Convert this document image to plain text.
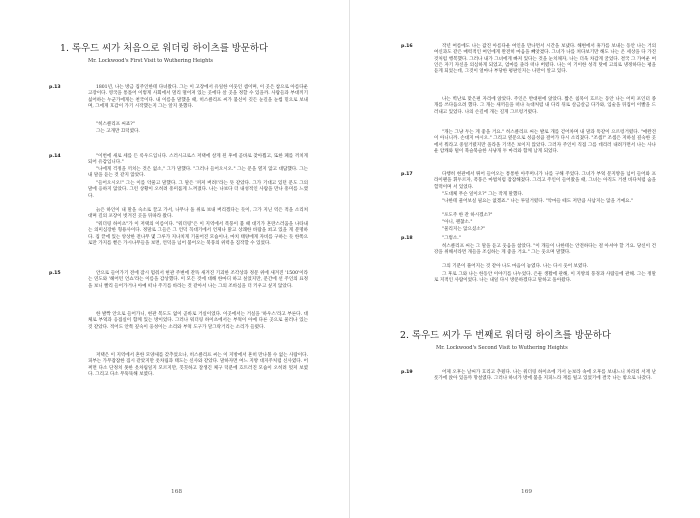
1. 록우드 씨가 처음으로 워더링 하이츠를 방문하다
Mr. Lockwood's First Visit to Wuthering Heights
p.13	1801년, 나는 방금 집주인한테 다녀왔다. 그는 이 고장에서 유일한 이웃인 셈이며, 이 곳은 참으로 아름다운 고장이다. 영국을 통틀어 이렇게 사회에서 멀리 떨어져 있는 곳에다 살 곳을 정할 수 있을까. 사람들과 부대끼기 싫어하는 누군가에게는 천국이다. 내 이름을 말했을 때, 히스클리프 씨가 불신이 깃든 눈길을 눈썹 밑으로 보내며, 그에게 호감이 가기 시작했는지 그는 알지 못했다.
"히스클리프 씨죠?"
그는 고개만 끄덕였다.
p.14	"이번에 새로 세를 든 록우드입니다. 스러시크로스 저택에 살게 된 후에 곧바로 찾아뵙고, 또한 폐를 끼치게 되어 유감입니다."
"나에게 걱정을 끼치는 것은 없소," 그가 말했다. "그러나 들어오시오." 그는 문을 열지 않고 대답했다. 그는 내 말을 듣는 것 같지 않았다.
"들어오시오!" 그는 이를 악물고 말했다. 그 말은 '꺼져 버려!'라는 뜻 같았다. 그가 기대고 있던 문도 그의 말에 응하지 않았다. 그런 상황이 오히려 흥미롭게 느껴졌다. 나는 나보다 더 내성적인 사람을 만나 흥미를 느꼈다.
늙은 하인이 내 말을 숙소로 끌고 가서, 나무나 돌 위로 보내 버리겠다는 듯이, 그가 지닌 역은 적을 소리쳐 대며 길의 포장이 벗겨진 곳을 뒤따라 왔다.
"워더링 하이츠"가 이 저택의 이름이다. "워더링"은 이 지역에서 폭풍이 불 때 대기가 혼란스러움을 나타내는 의미심장한 형용사이다. 정말로 그들은 그 언덕 꼭대기에서 언제나 맑고 상쾌한 바람을 쐬고 있을 게 분명하다. 집 끝에 있는 앙상한 전나무 몇 그루가 지나치게 기울어진 모습이나, 마치 태양에게 자비를 구하는 듯 한쪽으로만 가지를 뻗은 가시나무들을 보면, 언덕을 넘어 불어오는 북풍의 위력을 짐작할 수 있었다.
p.15	안으로 들어가기 전에 잠시 멈춰서 현관 주변에 잔뜩 새겨진 기괴한 조각상과 정문 위에 새겨진 '1500'이라는 연도와 '헤어턴 언쇼'라는 이름을 감상했다. 이 모든 것에 대해 한마디 하고 싶었지만, 문간에 선 주인의 표정을 보니 빨리 들어가거나 아예 떠나 주기를 바라는 것 같아서 나는 그의 조바심을 더 키우고 싶지 않았다.
한 발짝 안으로 들어가니, 현관 복도도 없이 곧바로 거실이었다. 이곳에서는 거실을 '하우스'라고 부른다. 대체로 부엌과 응접실이 함께 있는 방이었다. 그러나 워더링 하이츠에서는 부엌이 아예 다른 곳으로 물러나 있는 것 같았다. 적어도 안쪽 깊숙이 웅성이는 소리와 부엌 도구가 달그락거리는 소리가 들렸다.
저택은 이 지역에서 흔한 모양새를 갖추었으나, 히스클리프 씨는 이 지방에서 흔히 만나볼 수 없는 사람이다. 피부는 가무잡잡한 집시 같았지만 옷차림과 태도는 신사와 같았다. 말하자면 여느 지방 대지주처럼 신사였다. 어쩌면 다소 단정치 못한 옷차림일지 모르지만, 꼿꼿하고 잘생긴 체구 덕분에 흐트러진 모습이 오히려 멋져 보였다. 그리고 다소 무뚝뚝해 보였다.
168
p.16	작년 여름에도 나는 값진 아름다운 여인을 만나면서 시간을 보냈다. 해변에서 휴가를 보내는 동안 나는 거의 여신과도 같은 매력적인 여인에게 완전히 마음을 빼앗겼다. 그녀가 나를 쳐다보기만 해도 나는 온 세상을 다 가진 것처럼 행복했다. 그러나 내가 그녀에게 빠져 있다는 것을 눈치채자, 나는 더욱 차갑게 굴었다. 결국 그 가여운 여인은 자기 자신을 의심하게 되었고, 엄마를 졸라 떠나 버렸다. 나는 이 기이한 성격 탓에 고의로 냉정하다는 평을 듣게 되었는데, 그것이 얼마나 부당한 평판인지는 나만이 알고 있다.
나는 벽난로 맞은편 자리에 앉았다. 주인은 반대편에 앉았다. 짧은 침묵이 흐르는 동안 나는 어미 포인터 종 개를 쓰다듬으려 했다. 그 개는 새끼들을 떠나 늑대처럼 내 다리 뒤로 살금살금 다가와, 입술을 뒤집어 이빨을 드러내고 있었다. 나의 손길에 개는 길게 그르렁거렸다.
"개는 그냥 두는 게 좋을 거요." 히스클리프 씨는 발로 개를 걷어차며 내 말과 똑같이 으르렁거렸다. "애완견이 아니니까. 손대지 마시오." 그리고 옆문으로 성큼성큼 걸어가 다시 소리쳤다. "조셉!" 조셉은 지하실 깊숙한 곳에서 뭐라고 중얼거렸지만 올라올 기색은 보이지 않았다. 그러자 주인이 직접 그를 데리러 내려가면서 나는 사나운 암캐와 털이 북슬북슬한 사냥개 두 마리와 함께 남게 되었다.
p.17	다행히 현관에서 뛰어 들어오는 통통한 아주머니가 나를 구해 주었다. 그녀가 부엌 문지방을 넘어 들어와 프라이팬을 휘두르자, 폭풍은 마법처럼 잠잠해졌다. 그리고 주인이 들어왔을 때, 그녀는 아직도 거센 바다처럼 숨을 헐떡이며 서 있었다.
"도대체 무슨 일이오?" 그는 작게 말했다.
"나한테 물어보실 필요는 없겠죠." 나는 투덜거렸다. "악마들 떼도 저만큼 사납지는 않을 거예요."
"포도주 한 잔 하시겠소?"
"아니, 괜찮소."
"물리지는 않으셨소?"
p.18	"그렇소."
히스클리프 씨는 그 말을 듣고 웃음을 참았다. "이 개들이 나한테는 안전하다는 걸 아셔야 할 거요. 당신이 건강을 위해서라면 개들을 조심하는 게 좋을 거요." 그는 웃으며 말했다.
그의 기분이 풀어지는 것 같아 나도 마음이 놓였다. 나는 다시 웃어 보였다.
그 후로 그와 나는 한동안 이야기를 나누었다. 은둔 생활에 관해, 이 지방의 풍경과 사람들에 관해. 그는 정말로 지적인 사람이었다. 나는 내일 다시 방문하겠다고 말하고 돌아왔다.
2. 록우드 씨가 두 번째로 워더링 하이츠를 방문하다
Mr. Lockwood's Second Visit to Wuthering Heights
p.19	어제 오후는 날씨가 흐리고 추웠다. 나는 워더링 하이츠에 가서 눈보라 속에 오후를 보내느니 차라리 서재 난롯가에 앉아 있을까 망설였다. 그러나 하녀가 방에 불을 지피느라 재를 털고 있었기에 결국 나는 밖으로 나갔다.
169
